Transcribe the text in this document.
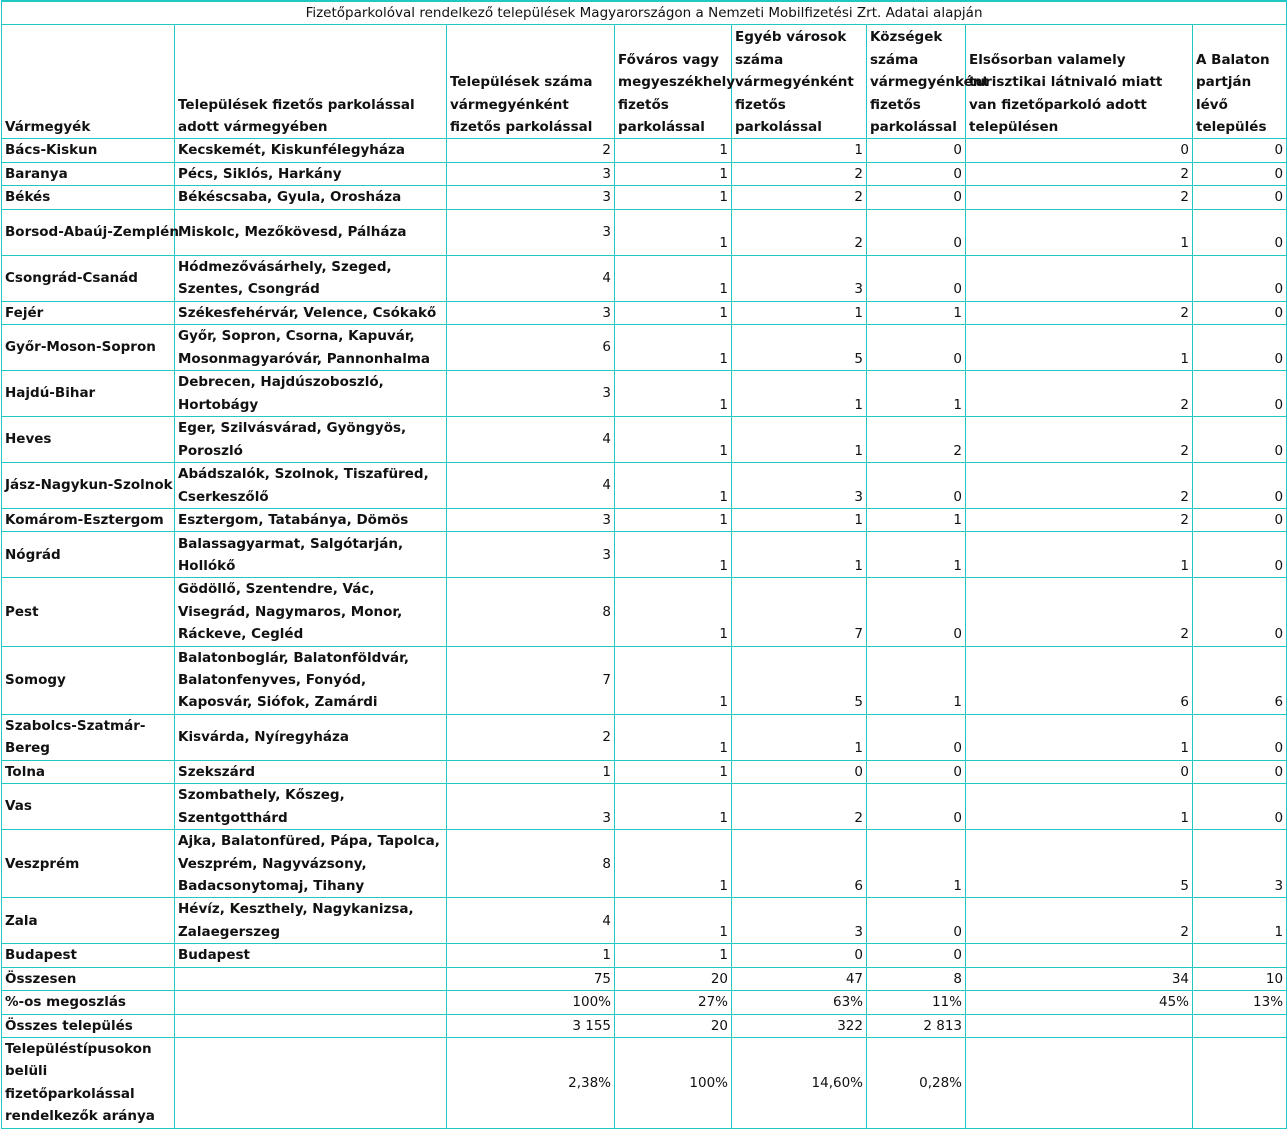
Fizetőparkolóval rendelkező települések Magyarországon a Nemzeti Mobilfizetési Zrt. Adatai alapján							
Vármegyék	Települések fizetős parkolással adott vármegyében	Települések száma vármegyénként fizetős parkolással	Főváros vagy megyeszékhely fizetős parkolással	Egyéb városok száma vármegyénként fizetős parkolással	Községek száma vármegyénként fizetős parkolással	Elsősorban valamely turisztikai látnivaló miatt van fizetőparkoló adott településen	A Balaton partján lévő település
Bács-Kiskun	Kecskemét, Kiskunfélegyháza	2	1	1	0	0	0
Baranya	Pécs, Siklós, Harkány	3	1	2	0	2	0
Békés	Békéscsaba, Gyula, Orosháza	3	1	2	0	2	0
Borsod-Abaúj-Zemplén	Miskolc, Mezőkövesd, Pálháza	3	1	2	0	1	0
Csongrád-Csanád	Hódmezővásárhely, Szeged, Szentes, Csongrád	4	1	3	0		0
Fejér	Székesfehérvár, Velence, Csókakő	3	1	1	1	2	0
Győr-Moson-Sopron	Győr, Sopron, Csorna, Kapuvár, Mosonmagyaróvár, Pannonhalma	6	1	5	0	1	0
Hajdú-Bihar	Debrecen, Hajdúszoboszló, Hortobágy	3	1	1	1	2	0
Heves	Eger, Szilvásvárad, Gyöngyös, Poroszló	4	1	1	2	2	0
Jász-Nagykun-Szolnok	Abádszalók, Szolnok, Tiszafüred, Cserkeszőlő	4	1	3	0	2	0
Komárom-Esztergom	Esztergom, Tatabánya, Dömös	3	1	1	1	2	0
Nógrád	Balassagyarmat, Salgótarján, Hollókő	3	1	1	1	1	0
Pest	Gödöllő, Szentendre, Vác, Visegrád, Nagymaros, Monor, Ráckeve, Cegléd	8	1	7	0	2	0
Somogy	Balatonboglár, Balatonföldvár, Balatonfenyves, Fonyód, Kaposvár, Siófok, Zamárdi	7	1	5	1	6	6
Szabolcs-Szatmár-Bereg	Kisvárda, Nyíregyháza	2	1	1	0	1	0
Tolna	Szekszárd	1	1	0	0	0	0
Vas	Szombathely, Kőszeg, Szentgotthárd	3	1	2	0	1	0
Veszprém	Ajka, Balatonfüred, Pápa, Tapolca, Veszprém, Nagyvázsony, Badacsonytomaj, Tihany	8	1	6	1	5	3
Zala	Hévíz, Keszthely, Nagykanizsa, Zalaegerszeg	4	1	3	0	2	1
Budapest	Budapest	1	1	0	0		
Összesen		75	20	47	8	34	10
%-os megoszlás		100%	27%	63%	11%	45%	13%
Összes település		3 155	20	322	2 813		
Településtípusokon belüli fizetőparkolással rendelkezők aránya		2,38%	100%	14,60%	0,28%		
